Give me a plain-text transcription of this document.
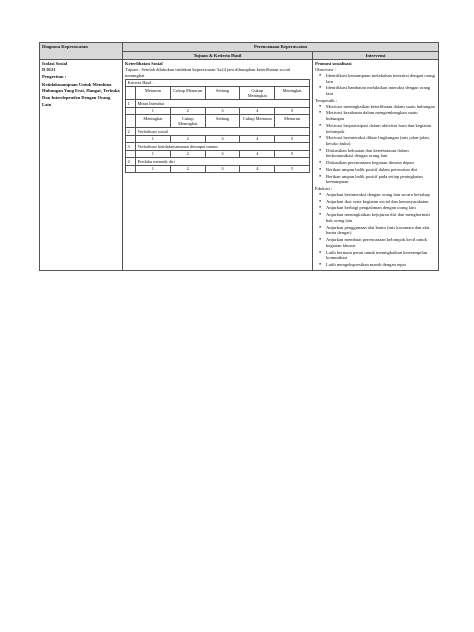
Diagnosa Keperawatan	Perencanaan Keperawatan
Tujuan & Kriteria Hasil	Intervensi

Isolasi Sosial
D 0121
Pengertian :
Ketidakmampuan Untuk Membina Hubungan Yang Erat, Hangat, Terbuka Dan Interdependen Dengan Orang Lain

Keterlibatan Sosial
Tujuan : Setelah dilakukan tindakan keperawatan 3x24 jam diharapkan keterlibatan social meningkat
Kriteria Hasil :
	Menurun	Cukup Menurun	Sedang	Cukup Meningkat	Meningkat
1	Minat Interaksi
	1	2	3	4	5
	Meningkat	Cukup Meningkat	Sedang	Cukup Menurun	Menurun
2	Verbalisasi sosial
	1	2	3	4	5
3	Verbalisasi ketidaknyamanan ditempat umum
	1	2	3	4	5
4	Perilaku menarik diri
	1	2	3	4	5

Promosi sosialisasi
Observasi :
● Identifikasi kemampuan melakukan interaksi dengan orang lain
● Identifikasi hambatan melakukan interaksi dengan orang lain
Terapeutik :
● Motivasi meningkatkan keterlibatan dalam suatu hubungan
● Motivasi kesabaran dalam mengembangkan suatu hubungan
● Motivasi berpartisipasi dalam aktivitas baru dan kegiatan kelompok
● Motivasi berinteraksi diluar lingkungan (mis jalan-jalan, ketoko buku)
● Diskusikan kekuatan dan keterbatasan dalam berkomunikasi dengan orang lain
● Diskusikan perencanaan kegiatan dimasa depan
● Berikan umpan balik positif dalam perawatan diri
● Berikan umpan balik positif pada setiap peningkatan kemampuan
Edukasi :
● Anjurkan berinteraksi dengan orang lain secara bertahap
● Anjurkan ikut serta kegiatan social dan kemasyarakatan
● Anjurkan berbagi pengalaman dengan orang lain
● Anjurkan meningkatkan kejujuran diri dan menghormati hak orang lain
● Anjurkan penggunaan alat bantu (mis kacamata dan alat bantu dengar)
● Anjurkan membuat perencanaan kelompok kecil untuk kegiatan khusus
● Latih bermain peran untuk meningkatkan keterampilan komunikasi
● Latih mengekspresikan marah dengan tepat
